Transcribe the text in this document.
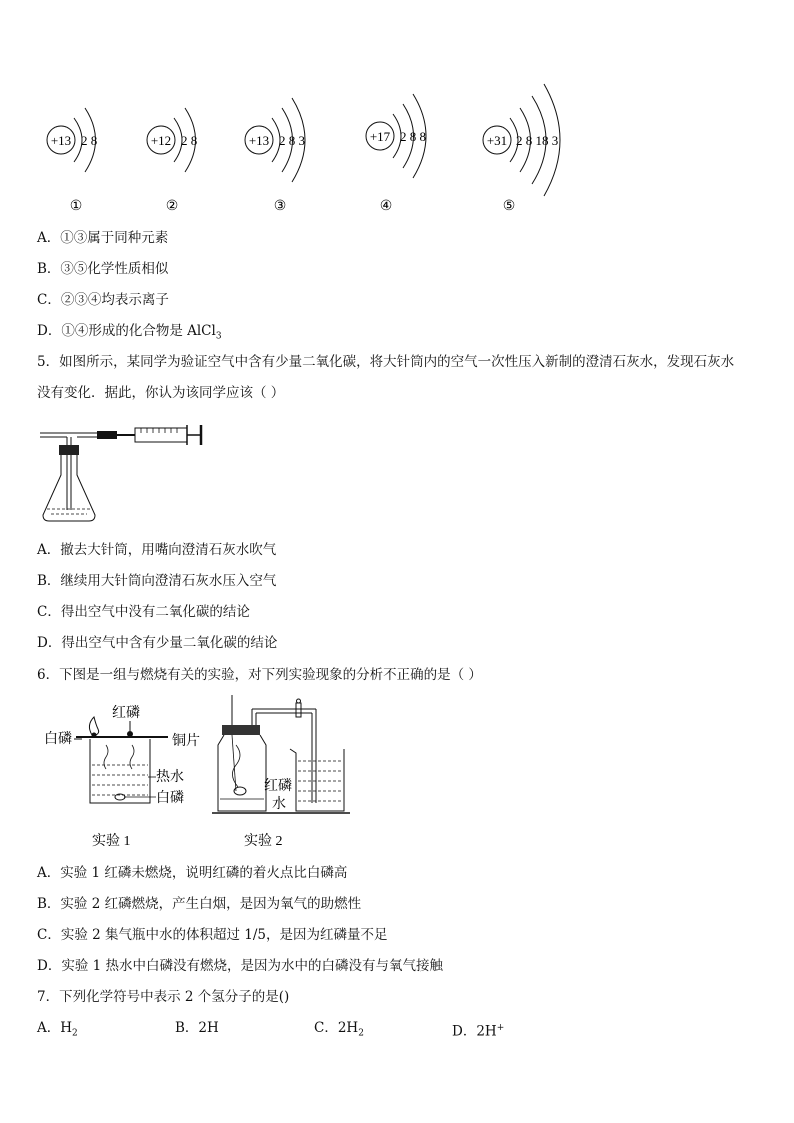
+13 2 8
①
+12 2 8
②
+13 2 8 3
③
+17 2 8 8
④
+31 2 8 18 3
⑤
A．①③属于同种元素
B．③⑤化学性质相似
C．②③④均表示离子
D．①④形成的化合物是 AlCl$_3$
5．如图所示，某同学为验证空气中含有少量二氧化碳，将大针筒内的空气一次性压入新制的澄清石灰水，发现石灰水
没有变化．据此，你认为该同学应该（ ）
A．撤去大针筒，用嘴向澄清石灰水吹气
B．继续用大针筒向澄清石灰水压入空气
C．得出空气中没有二氧化碳的结论
D．得出空气中含有少量二氧化碳的结论
6．下图是一组与燃烧有关的实验，对下列实验现象的分析不正确的是（ ）
白磷
红磷
铜片
热水
白磷
实验 1
红磷
水
实验 2
A．实验 1 红磷未燃烧，说明红磷的着火点比白磷高
B．实验 2 红磷燃烧，产生白烟，是因为氧气的助燃性
C．实验 2 集气瓶中水的体积超过 1/5，是因为红磷量不足
D．实验 1 热水中白磷没有燃烧，是因为水中的白磷没有与氧气接触
7．下列化学符号中表示 2 个氢分子的是()
A．$H_2$	B．2H	C．$2H_2$	D．2H+
